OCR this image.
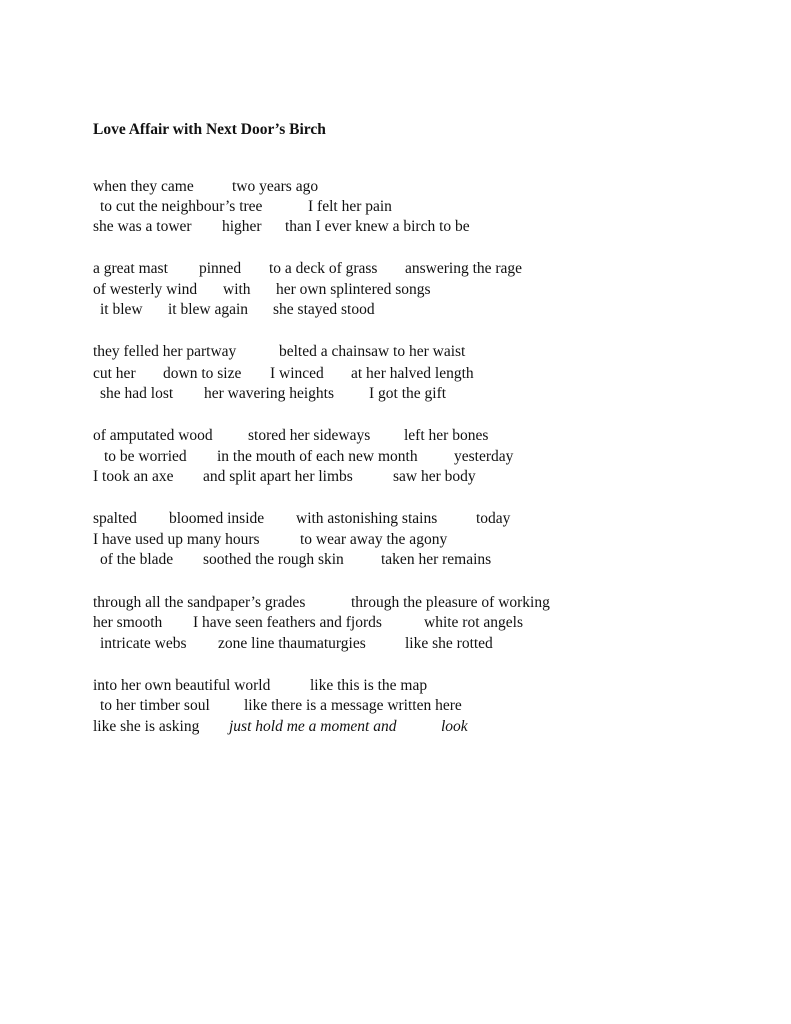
Love Affair with Next Door’s Birch
when they came two years ago
to cut the neighbour’s tree	I felt her pain
she was a tower higher than I ever knew a birch to be
a great mast pinned to a deck of grass answering the rage
of westerly wind with her own splintered songs
it blew it blew again she stayed stood
they felled her partway	belted a chainsaw to her waist
cut her down to size I winced at her halved length
she had lost her wavering heights I got the gift
of amputated wood stored her sideways left her bones
to be worried in the mouth of each new month yesterday
I took an axe and split apart her limbs	saw her body
spalted bloomed inside with astonishing stains	today
I have used up many hours	to wear away the agony
of the blade soothed the rough skin taken her remains
through all the sandpaper’s grades	through the pleasure of working
her smooth I have seen feathers and fjords	white rot angels
intricate webs zone line thaumaturgies	like she rotted
into her own beautiful world	like this is the map
to her timber soul like there is a message written here
like she is asking just hold me a moment and	look
